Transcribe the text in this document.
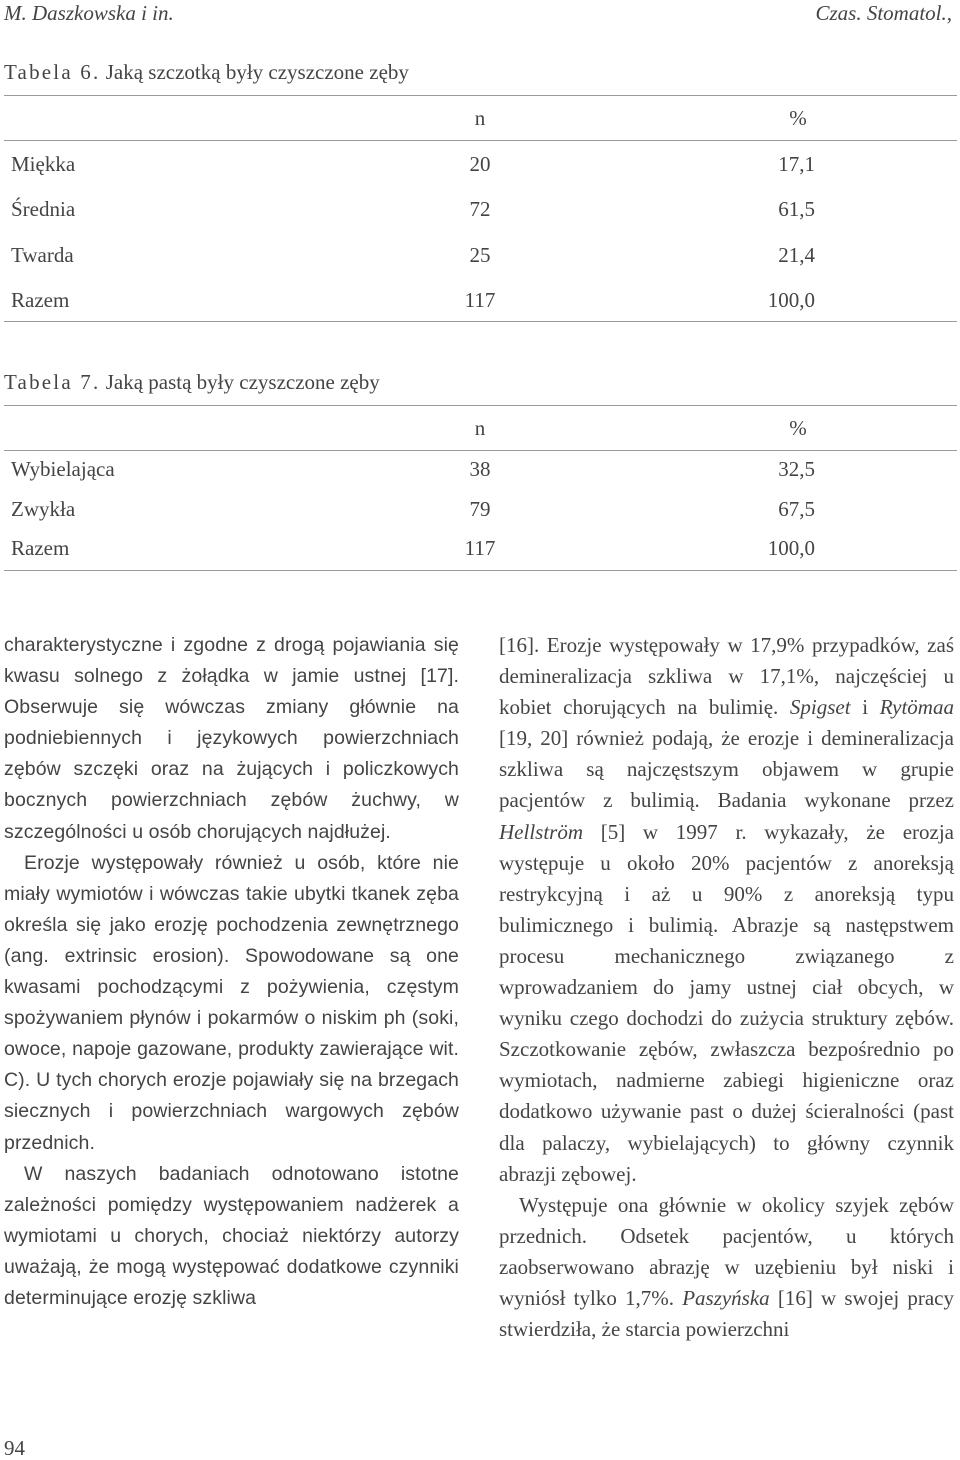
M. Daszkowska i in.	Czas. Stomatol.,
Tabela 6. Jaką szczotką były czyszczone zęby
n	%
Miękka	20	17,1
Średnia	72	61,5
Twarda	25	21,4
Razem	117	100,0
Tabela 7. Jaką pastą były czyszczone zęby
n	%
Wybielająca	38	32,5
Zwykła	79	67,5
Razem	117	100,0

charakterystyczne i zgodne z drogą pojawiania się kwasu solnego z żołądka w jamie ustnej [17]. Obserwuje się wówczas zmiany głównie na podniebiennych i językowych powierzchniach zębów szczęki oraz na żujących i policzkowych bocznych powierzchniach zębów żuchwy, w szczególności u osób chorujących najdłużej.

Erozje występowały również u osób, które nie miały wymiotów i wówczas takie ubytki tkanek zęba określa się jako erozję pochodzenia zewnętrznego (ang. extrinsic erosion). Spowodowane są one kwasami pochodzącymi z pożywienia, częstym spożywaniem płynów i pokarmów o niskim ph (soki, owoce, napoje gazowane, produkty zawierające wit. C). U tych chorych erozje pojawiały się na brzegach siecznych i powierzchniach wargowych zębów przednich.

W naszych badaniach odnotowano istotne zależności pomiędzy występowaniem nadżerek a wymiotami u chorych, chociaż niektórzy autorzy uważają, że mogą występować dodatkowe czynniki determinujące erozję szkliwa

[16]. Erozje występowały w 17,9% przypadków, zaś demineralizacja szkliwa w 17,1%, najczęściej u kobiet chorujących na bulimię. Spigset i Rytömaa [19, 20] również podają, że erozje i demineralizacja szkliwa są najczęstszym objawem w grupie pacjentów z bulimią. Badania wykonane przez Hellström [5] w 1997 r. wykazały, że erozja występuje u około 20% pacjentów z anoreksją restrykcyjną i aż u 90% z anoreksją typu bulimicznego i bulimią. Abrazje są następstwem procesu mechanicznego związanego z wprowadzaniem do jamy ustnej ciał obcych, w wyniku czego dochodzi do zużycia struktury zębów. Szczotkowanie zębów, zwłaszcza bezpośrednio po wymiotach, nadmierne zabiegi higieniczne oraz dodatkowo używanie past o dużej ścieralności (past dla palaczy, wybielających) to główny czynnik abrazji zębowej.

Występuje ona głównie w okolicy szyjek zębów przednich. Odsetek pacjentów, u których zaobserwowano abrazję w uzębieniu był niski i wyniósł tylko 1,7%. Paszyńska [16] w swojej pracy stwierdziła, że starcia powierzchni

94
